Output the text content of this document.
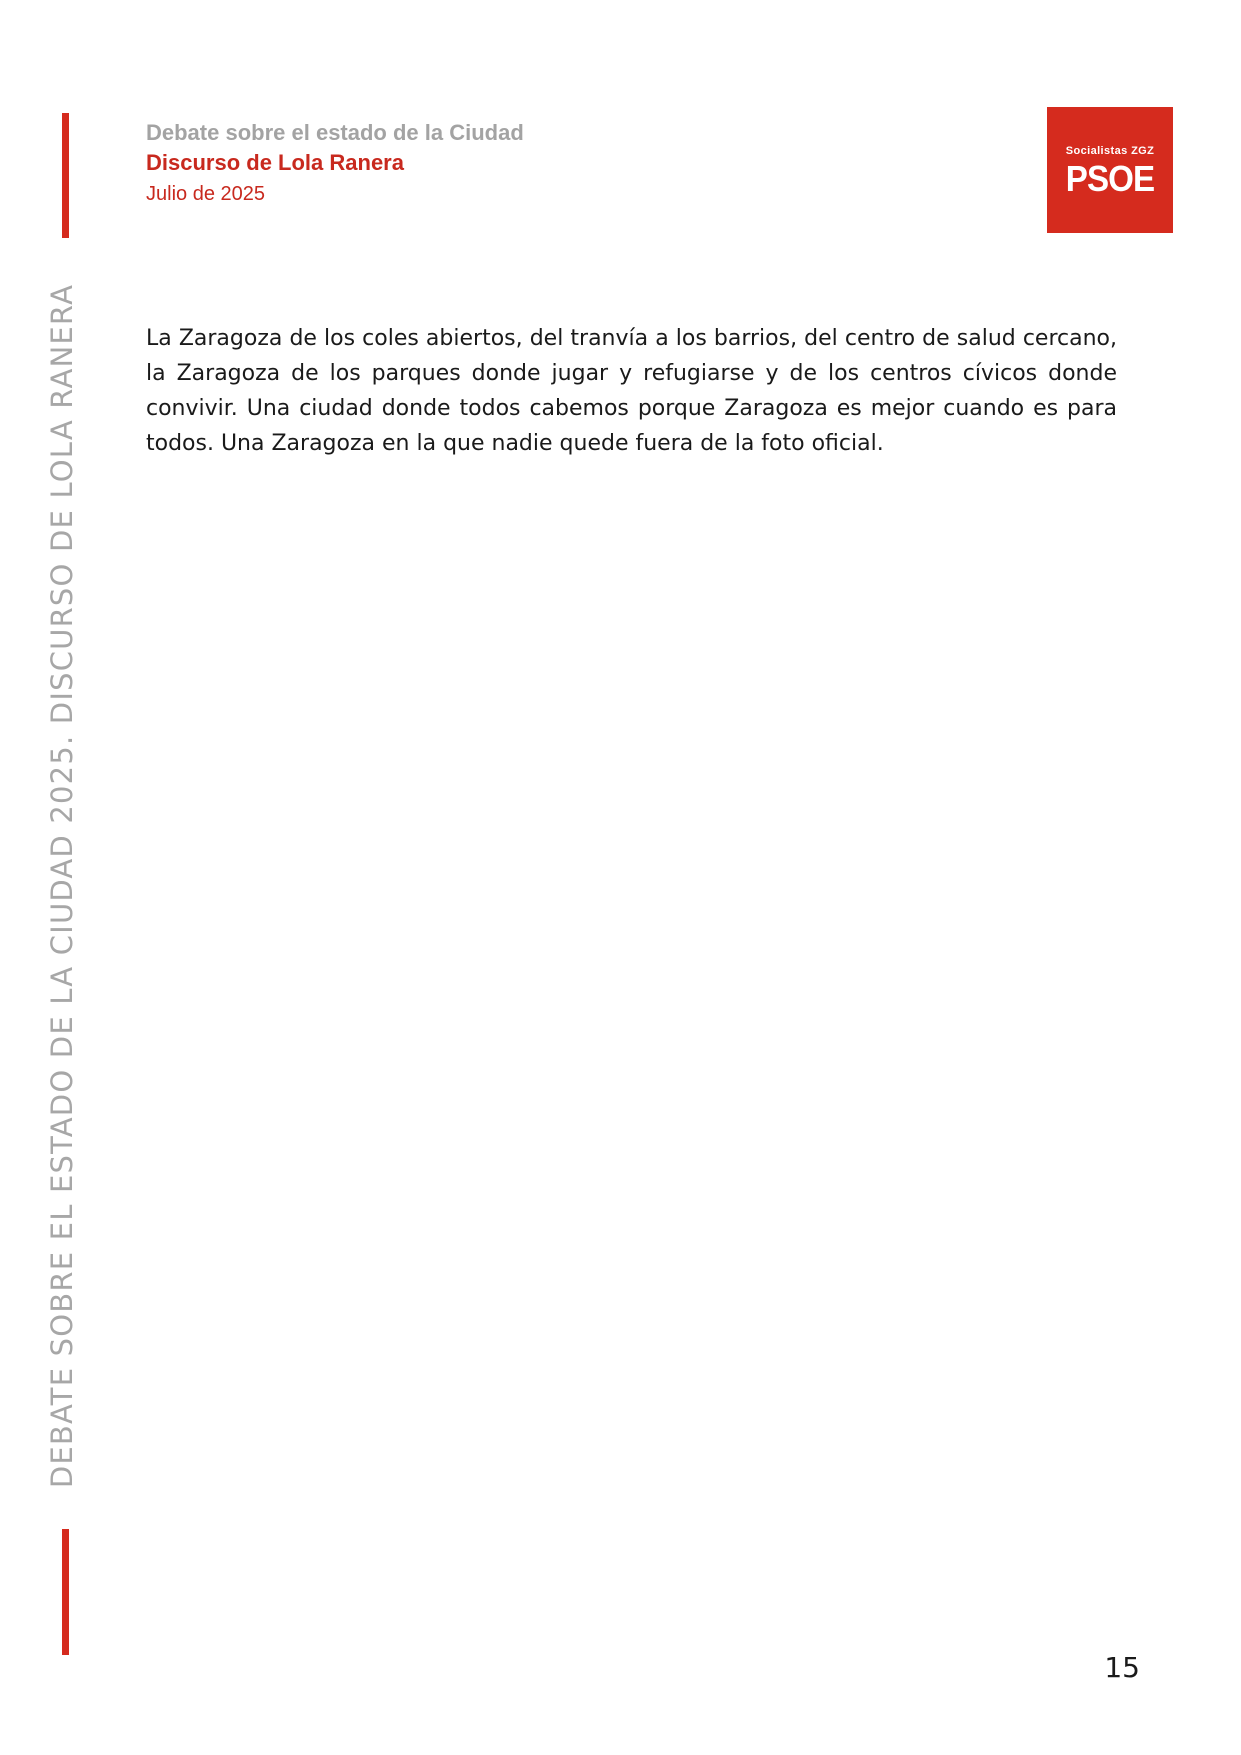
DEBATE SOBRE EL ESTADO DE LA CIUDAD 2025. DISCURSO DE LOLA RANERA
Debate sobre el estado de la Ciudad
Discurso de Lola Ranera
Julio de 2025
Socialistas ZGZ
PSOE

La Zaragoza de los coles abiertos, del tranvía a los barrios, del centro de salud cercano, la Zaragoza de los parques donde jugar y refugiarse y de los centros cívicos donde convivir. Una ciudad donde todos cabemos porque Zaragoza es mejor cuando es para todos. Una Zaragoza en la que nadie quede fuera de la foto oficial.

15
